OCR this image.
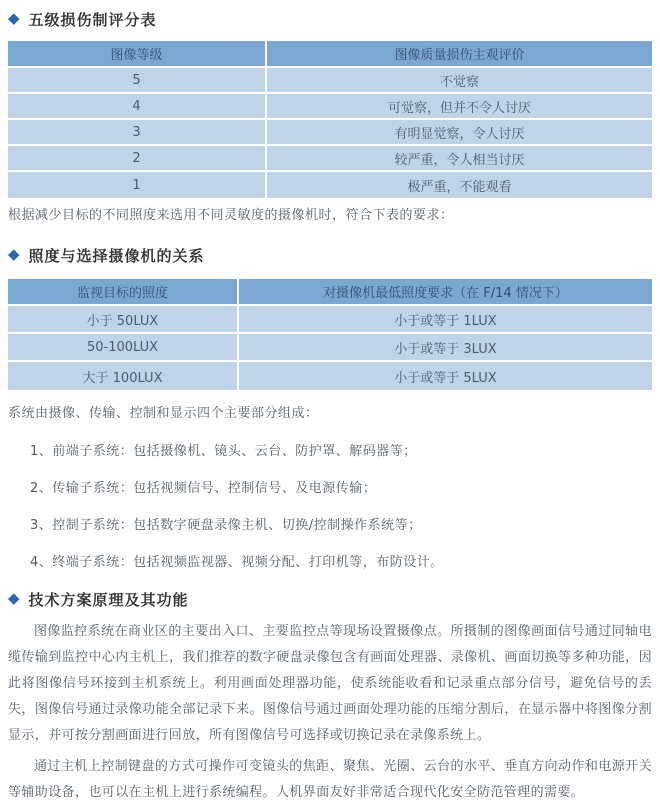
◆ 五级损伤制评分表
图像等级	图像质量损伤主观评价
5	不觉察
4	可觉察，但并不令人讨厌
3	有明显觉察，令人讨厌
2	较严重，令人相当讨厌
1	极严重，不能观看
根据减少目标的不同照度来选用不同灵敏度的摄像机时，符合下表的要求：
◆ 照度与选择摄像机的关系
监视目标的照度	对摄像机最低照度要求（在 F/14 情况下）
小于 50LUX	小于或等于 1LUX
50-100LUX	小于或等于 3LUX
大于 100LUX	小于或等于 5LUX
系统由摄像、传输、控制和显示四个主要部分组成：
1、前端子系统：包括摄像机、镜头、云台、防护罩、解码器等；
2、传输子系统：包括视频信号、控制信号、及电源传输；
3、控制子系统：包括数字硬盘录像主机、切换/控制操作系统等；
4、终端子系统：包括视频监视器、视频分配、打印机等，布防设计。
◆ 技术方案原理及其功能
图像监控系统在商业区的主要出入口、主要监控点等现场设置摄像点。所摄制的图像画面信号通过同轴电缆传输到监控中心内主机上，我们推荐的数字硬盘录像包含有画面处理器、录像机、画面切换等多种功能，因此将图像信号环接到主机系统上。利用画面处理器功能，使系统能收看和记录重点部分信号，避免信号的丢失，图像信号通过录像功能全部记录下来。图像信号通过画面处理功能的压缩分割后，在显示器中将图像分割显示，并可按分割画面进行回放，所有图像信号可选择或切换记录在录像系统上。
通过主机上控制键盘的方式可操作可变镜头的焦距、聚焦、光圈、云台的水平、垂直方向动作和电源开关等辅助设备，也可以在主机上进行系统编程。人机界面友好非常适合现代化安全防范管理的需要。
